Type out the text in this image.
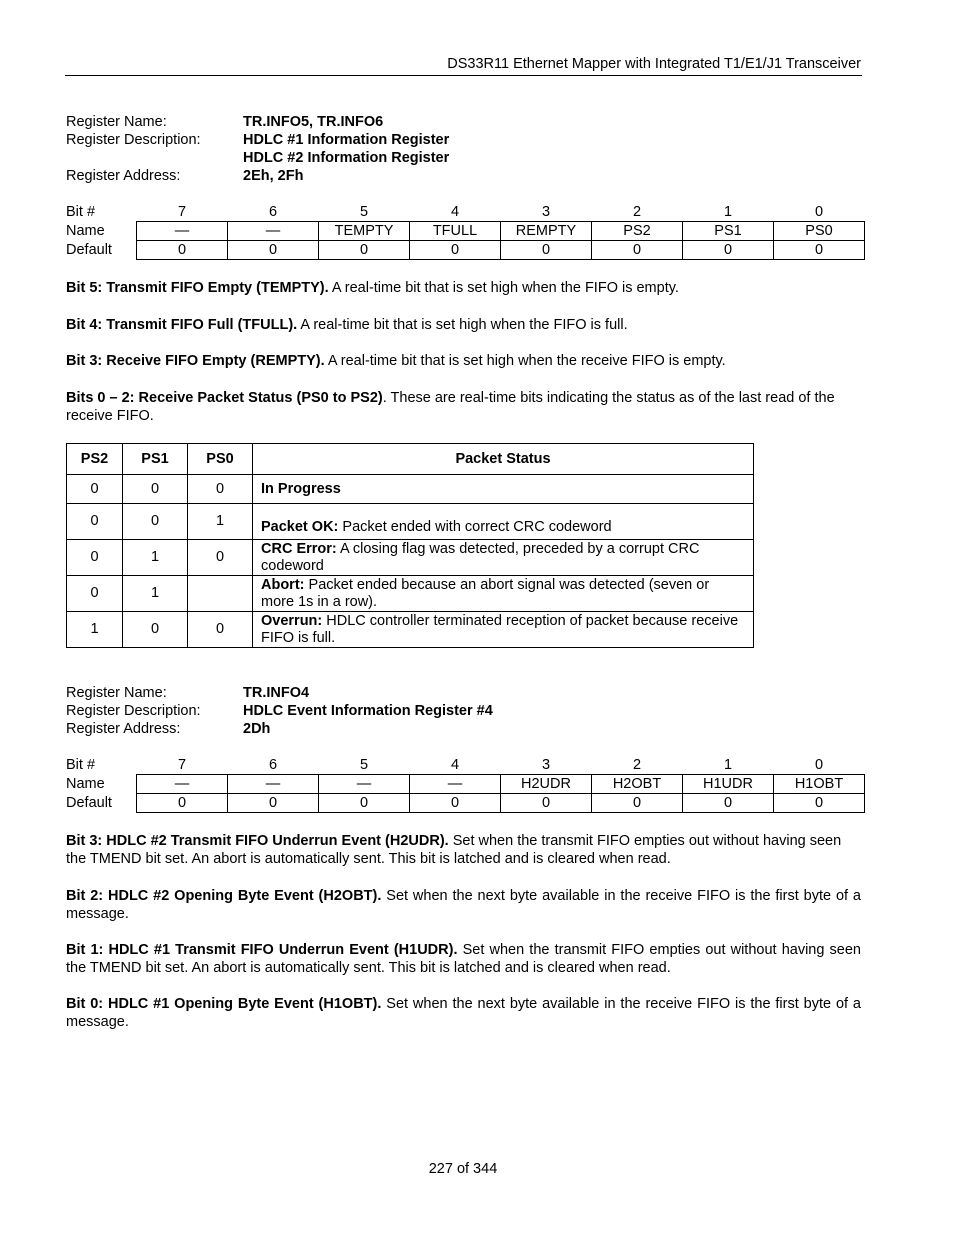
DS33R11 Ethernet Mapper with Integrated T1/E1/J1 Transceiver
Register Name:	TR.INFO5, TR.INFO6
Register Description:	HDLC #1 Information Register
HDLC #2 Information Register
Register Address:	2Eh, 2Fh
Bit #	7	6	5	4	3	2	1	0
Name	—	—	TEMPTY	TFULL	REMPTY	PS2	PS1	PS0
Default	0	0	0	0	0	0	0	0
Bit 5: Transmit FIFO Empty (TEMPTY). A real-time bit that is set high when the FIFO is empty.
Bit 4: Transmit FIFO Full (TFULL). A real-time bit that is set high when the FIFO is full.
Bit 3: Receive FIFO Empty (REMPTY). A real-time bit that is set high when the receive FIFO is empty.
Bits 0 – 2: Receive Packet Status (PS0 to PS2). These are real-time bits indicating the status as of the last read of the receive FIFO.
PS2	PS1	PS0	Packet Status
0	0	0	In Progress
0	0	1	Packet OK: Packet ended with correct CRC codeword
0	1	0	CRC Error: A closing flag was detected, preceded by a corrupt CRC codeword
0	1		Abort: Packet ended because an abort signal was detected (seven or more 1s in a row).
1	0	0	Overrun: HDLC controller terminated reception of packet because receive FIFO is full.
Register Name:	TR.INFO4
Register Description:	HDLC Event Information Register #4
Register Address:	2Dh
Bit #	7	6	5	4	3	2	1	0
Name	—	—	—	—	H2UDR	H2OBT	H1UDR	H1OBT
Default	0	0	0	0	0	0	0	0
Bit 3: HDLC #2 Transmit FIFO Underrun Event (H2UDR). Set when the transmit FIFO empties out without having seen the TMEND bit set. An abort is automatically sent. This bit is latched and is cleared when read.
Bit 2: HDLC #2 Opening Byte Event (H2OBT). Set when the next byte available in the receive FIFO is the first byte of a message.
Bit 1: HDLC #1 Transmit FIFO Underrun Event (H1UDR). Set when the transmit FIFO empties out without having seen the TMEND bit set. An abort is automatically sent. This bit is latched and is cleared when read.
Bit 0: HDLC #1 Opening Byte Event (H1OBT). Set when the next byte available in the receive FIFO is the first byte of a message.
227 of 344
